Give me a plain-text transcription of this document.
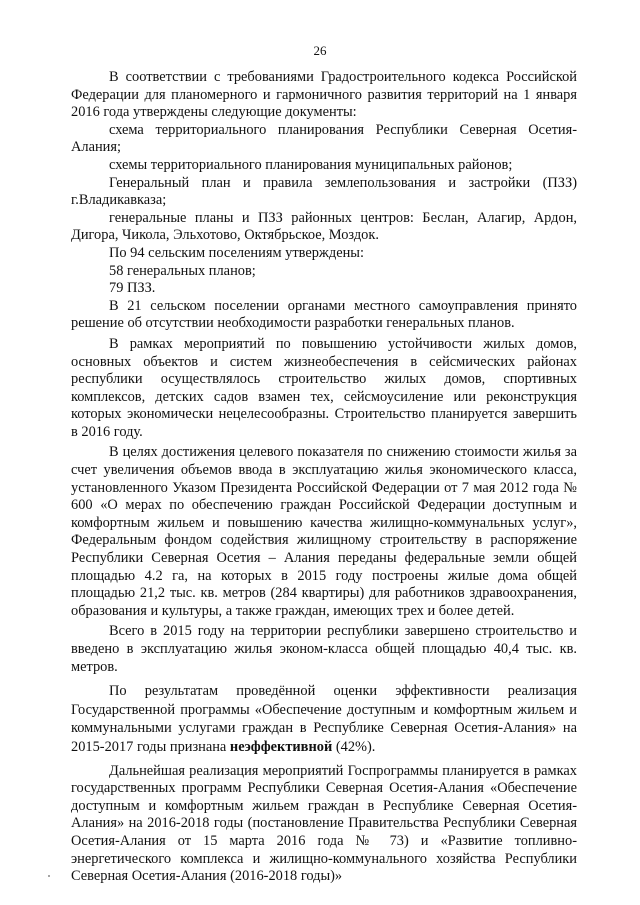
26

В соответствии с требованиями Градостроительного кодекса Российской Федерации для планомерного и гармоничного развития территорий на 1 января 2016 года утверждены следующие документы:

схема территориального планирования Республики Северная Осетия-Алания;

схемы территориального планирования муниципальных районов;

Генеральный план и правила землепользования и застройки (ПЗЗ) г.Владикавказа;

генеральные планы и ПЗЗ районных центров: Беслан, Алагир, Ардон, Дигора, Чикола, Эльхотово, Октябрьское, Моздок.

По 94 сельским поселениям утверждены:

58 генеральных планов;

79 ПЗЗ.

В 21 сельском поселении органами местного самоуправления принято решение об отсутствии необходимости разработки генеральных планов.

В рамках мероприятий по повышению устойчивости жилых домов, основных объектов и систем жизнеобеспечения в сейсмических районах республики осуществлялось строительство жилых домов, спортивных комплексов, детских садов взамен тех, сейсмоусиление или реконструкция которых экономически нецелесообразны. Строительство планируется завершить в 2016 году.

В целях достижения целевого показателя по снижению стоимости жилья за счет увеличения объемов ввода в эксплуатацию жилья экономического класса, установленного Указом Президента Российской Федерации от 7 мая 2012 года № 600 «О мерах по обеспечению граждан Российской Федерации доступным и комфортным жильем и повышению качества жилищно-коммунальных услуг», Федеральным фондом содействия жилищному строительству в распоряжение Республики Северная Осетия – Алания переданы федеральные земли общей площадью 4.2 га, на которых в 2015 году построены жилые дома общей площадью 21,2 тыс. кв. метров (284 квартиры) для работников здравоохранения, образования и культуры, а также граждан, имеющих трех и более детей.

Всего в 2015 году на территории республики завершено строительство и введено в эксплуатацию жилья эконом-класса общей площадью 40,4 тыс. кв. метров.

По результатам проведённой оценки эффективности реализация Государственной программы «Обеспечение доступным и комфортным жильем и коммунальными услугами граждан в Республике Северная Осетия-Алания» на 2015-2017 годы признана неэффективной (42%).

Дальнейшая реализация мероприятий Госпрограммы планируется в рамках государственных программ Республики Северная Осетия-Алания «Обеспечение доступным и комфортным жильем граждан в Республике Северная Осетия-Алания» на 2016-2018 годы (постановление Правительства Республики Северная Осетия-Алания от 15 марта 2016 года № 73) и «Развитие топливно-энергетического комплекса и жилищно-коммунального хозяйства Республики Северная Осетия-Алания (2016-2018 годы)»
